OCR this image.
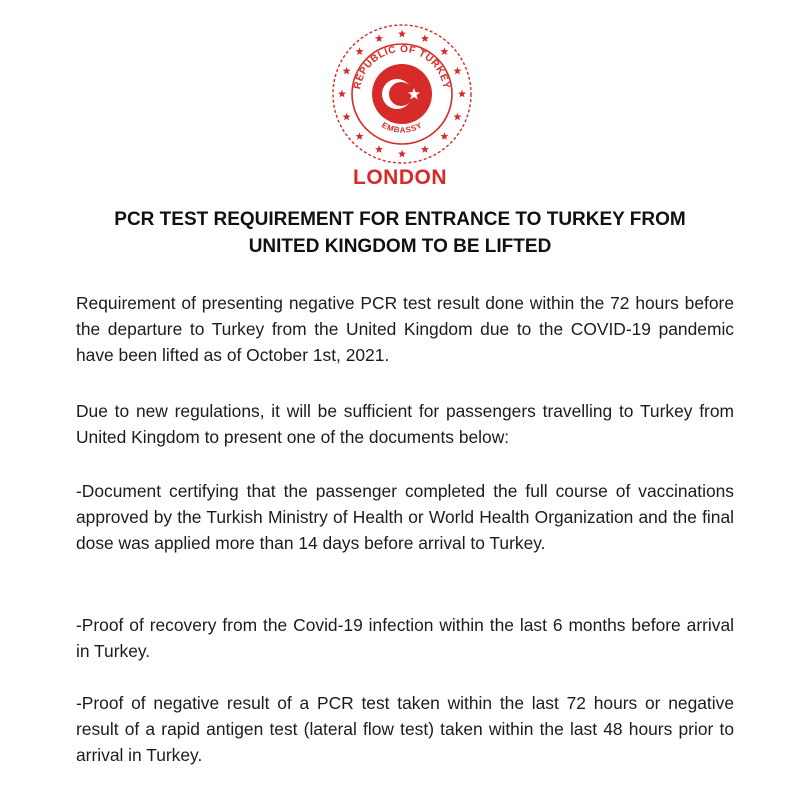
REPUBLIC OF TURKEY
EMBASSY
LONDON
PCR TEST REQUIREMENT FOR ENTRANCE TO TURKEY FROM UNITED KINGDOM TO BE LIFTED
Requirement of presenting negative PCR test result done within the 72 hours before the departure to Turkey from the United Kingdom due to the COVID-19 pandemic have been lifted as of October 1st, 2021.
Due to new regulations, it will be sufficient for passengers travelling to Turkey from United Kingdom to present one of the documents below:
-Document certifying that the passenger completed the full course of vaccinations approved by the Turkish Ministry of Health or World Health Organization and the final dose was applied more than 14 days before arrival to Turkey.
-Proof of recovery from the Covid-19 infection within the last 6 months before arrival in Turkey.
-Proof of negative result of a PCR test taken within the last 72 hours or negative result of a rapid antigen test (lateral flow test) taken within the last 48 hours prior to arrival in Turkey.
